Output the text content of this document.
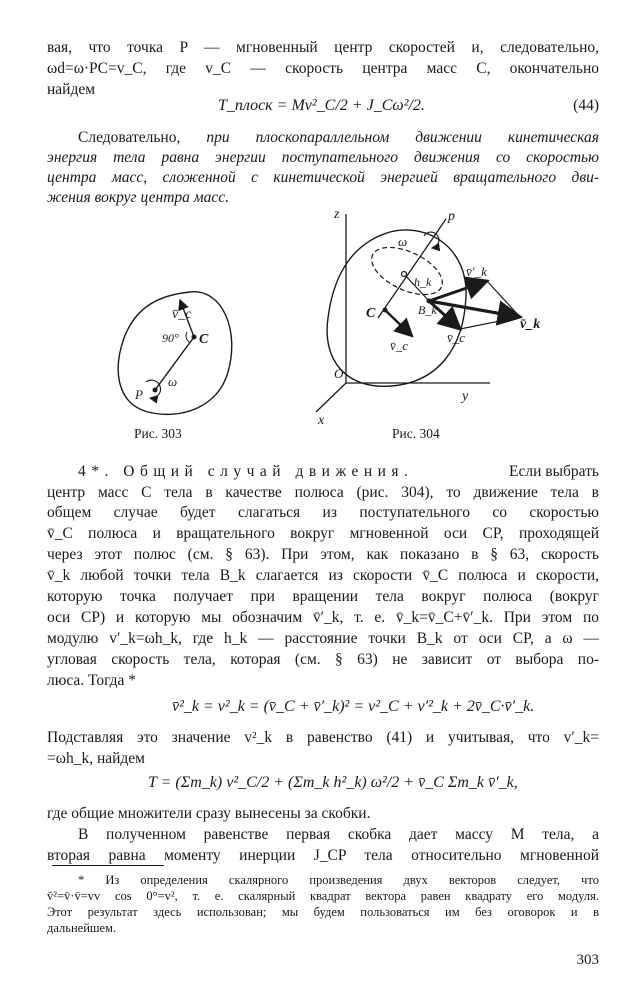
вая, что точка P — мгновенный центр скоростей и, следовательно,
ωd=ω·PC=v_C, где v_C — скорость центра масс C, окончательно
найдем
T_плоск = Mv²_C/2 + J_Cω²/2.	(44)
Следовательно, при плоскопараллельном движении кинетическая
энергия тела равна энергии поступательного движения со скоростью
центра масс, сложенной с кинетической энергией вращательного дви-
жения вокруг центра масс.
v̄_c
90° C
P
ω
Рис. 303
z	p
ω
h_k
v̄′_k
C	B_k
v̄_k
v̄_c
v̄_c
O
y
x
Рис. 304
4*. Общий случай движения.	Если выбрать
центр масс C тела в качестве полюса (рис. 304), то движение тела в
общем случае будет слагаться из поступательного со скоростью
v̄_C полюса и вращательного вокруг мгновенной оси CP, проходящей
через этот полюс (см. § 63). При этом, как показано в § 63, скорость
v̄_k любой точки тела B_k слагается из скорости v̄_C полюса и скорости,
которую точка получает при вращении тела вокруг полюса (вокруг
оси CP) и которую мы обозначим v̄′_k, т. е. v̄_k=v̄_C+v̄′_k. При этом по
модулю v′_k=ωh_k, где h_k — расстояние точки B_k от оси CP, а ω —
угловая скорость тела, которая (см. § 63) не зависит от выбора по-
люса. Тогда *
v̄²_k = v²_k = (v̄_C + v̄′_k)² = v²_C + v′²_k + 2v̄_C·v̄′_k.
Подставляя это значение v²_k в равенство (41) и учитывая, что v′_k=
=ωh_k, найдем
T = (Σm_k) v²_C/2 + (Σm_k h²_k) ω²/2 + v̄_C Σm_k v̄′_k,
где общие множители сразу вынесены за скобки.
В полученном равенстве первая скобка дает массу M тела, а
вторая равна моменту инерции J_CP тела относительно мгновенной
* Из определения скалярного произведения двух векторов следует, что
v̄²=v̄·v̄=vv cos 0°=v², т. е. скалярный квадрат вектора равен квадрату его модуля.
Этот результат здесь использован; мы будем пользоваться им без оговорок и в
дальнейшем.
303
